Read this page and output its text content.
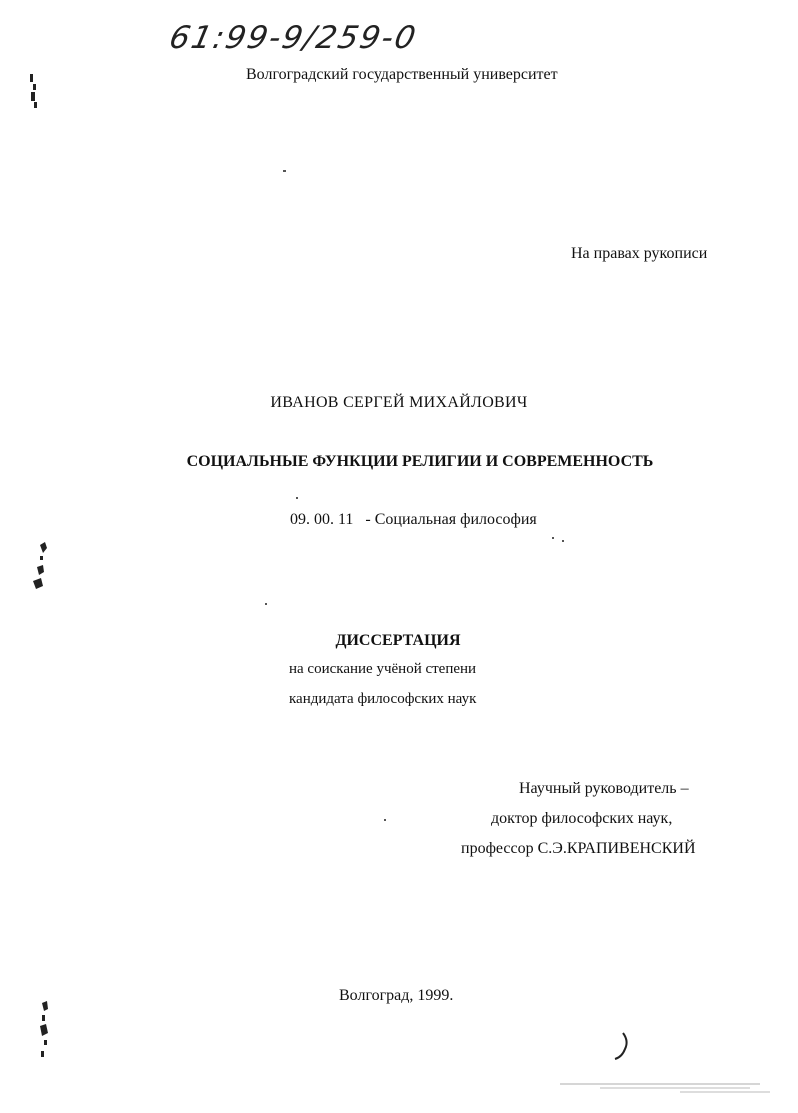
61:99-9/259-0
Волгоградский государственный университет
На правах рукописи
ИВАНОВ СЕРГЕЙ МИХАЙЛОВИЧ
СОЦИАЛЬНЫЕ ФУНКЦИИ РЕЛИГИИ И СОВРЕМЕННОСТЬ
09. 00. 11 - Социальная философия
ДИССЕРТАЦИЯ
на соискание учёной степени
кандидата философских наук
Научный руководитель –
доктор философских наук,
профессор С.Э.КРАПИВЕНСКИЙ
Волгоград, 1999.
